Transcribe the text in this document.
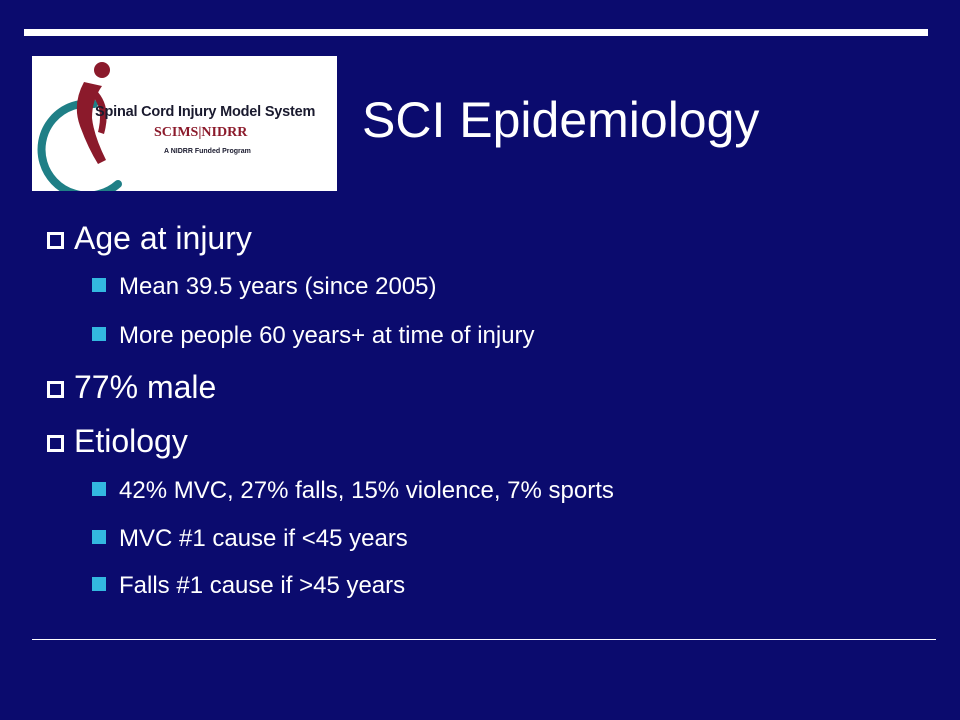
Spinal Cord Injury Model System
SCIMS|NIDRR
A NIDRR Funded Program
SCI Epidemiology
Age at injury
Mean 39.5 years (since 2005)
More people 60 years+ at time of injury
77% male
Etiology
42% MVC, 27% falls, 15% violence, 7% sports
MVC #1 cause if <45 years
Falls #1 cause if >45 years
